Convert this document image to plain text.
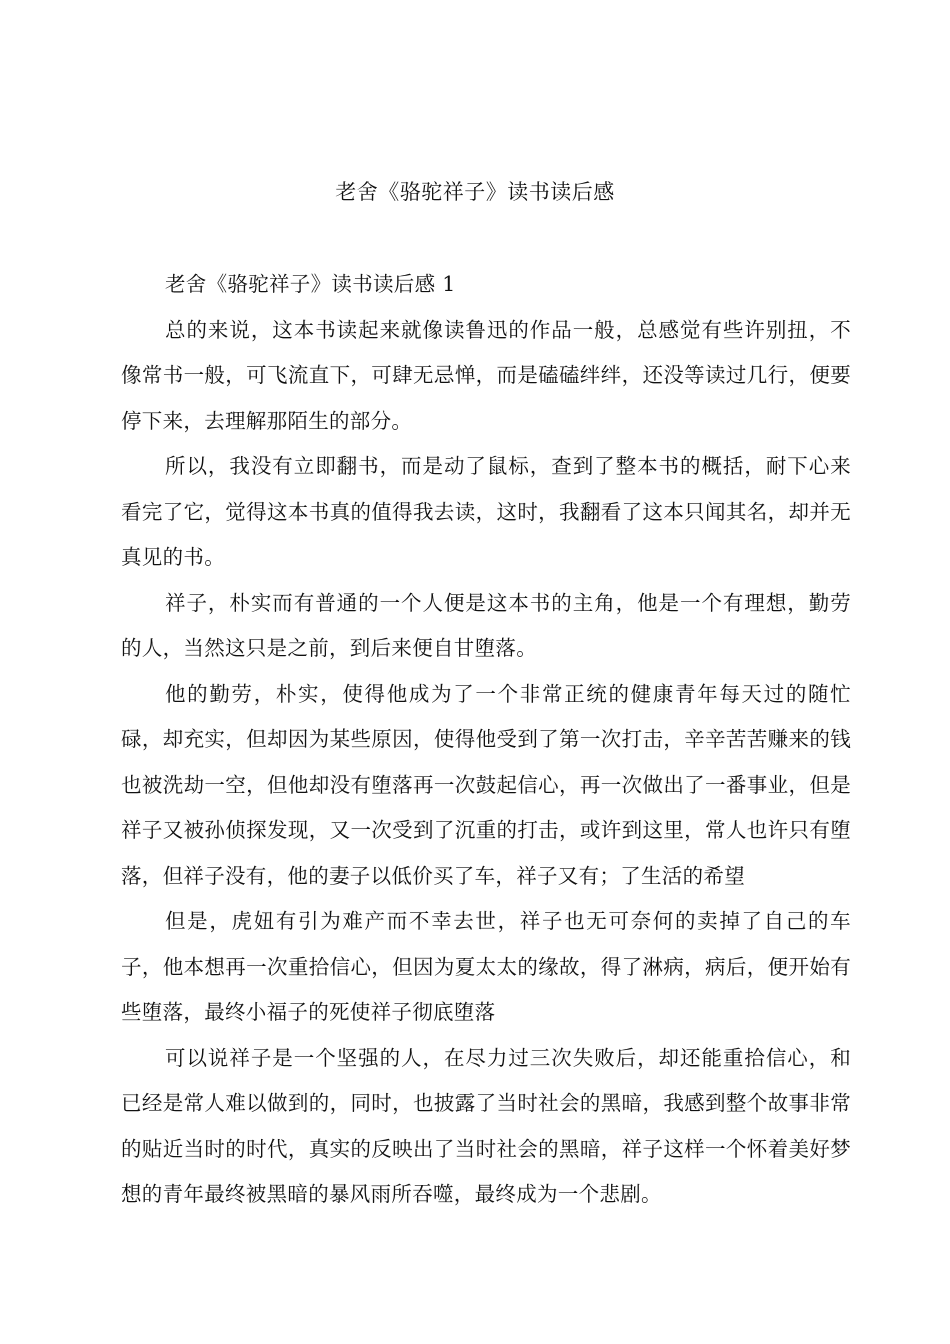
老舍《骆驼祥子》读书读后感

老舍《骆驼祥子》读书读后感 1

总的来说，这本书读起来就像读鲁迅的作品一般，总感觉有些许别扭，不像常书一般，可飞流直下，可肆无忌惮，而是磕磕绊绊，还没等读过几行，便要停下来，去理解那陌生的部分。

所以，我没有立即翻书，而是动了鼠标，查到了整本书的概括，耐下心来看完了它，觉得这本书真的值得我去读，这时，我翻看了这本只闻其名，却并无真见的书。

祥子，朴实而有普通的一个人便是这本书的主角，他是一个有理想，勤劳的人，当然这只是之前，到后来便自甘堕落。

他的勤劳，朴实，使得他成为了一个非常正统的健康青年每天过的随忙碌，却充实，但却因为某些原因，使得他受到了第一次打击，辛辛苦苦赚来的钱也被洗劫一空，但他却没有堕落再一次鼓起信心，再一次做出了一番事业，但是祥子又被孙侦探发现，又一次受到了沉重的打击，或许到这里，常人也许只有堕落，但祥子没有，他的妻子以低价买了车，祥子又有；了生活的希望

但是，虎妞有引为难产而不幸去世，祥子也无可奈何的卖掉了自己的车子，他本想再一次重拾信心，但因为夏太太的缘故，得了淋病，病后，便开始有些堕落，最终小福子的死使祥子彻底堕落

可以说祥子是一个坚强的人，在尽力过三次失败后，却还能重拾信心，和已经是常人难以做到的，同时，也披露了当时社会的黑暗，我感到整个故事非常的贴近当时的时代，真实的反映出了当时社会的黑暗，祥子这样一个怀着美好梦想的青年最终被黑暗的暴风雨所吞噬，最终成为一个悲剧。
